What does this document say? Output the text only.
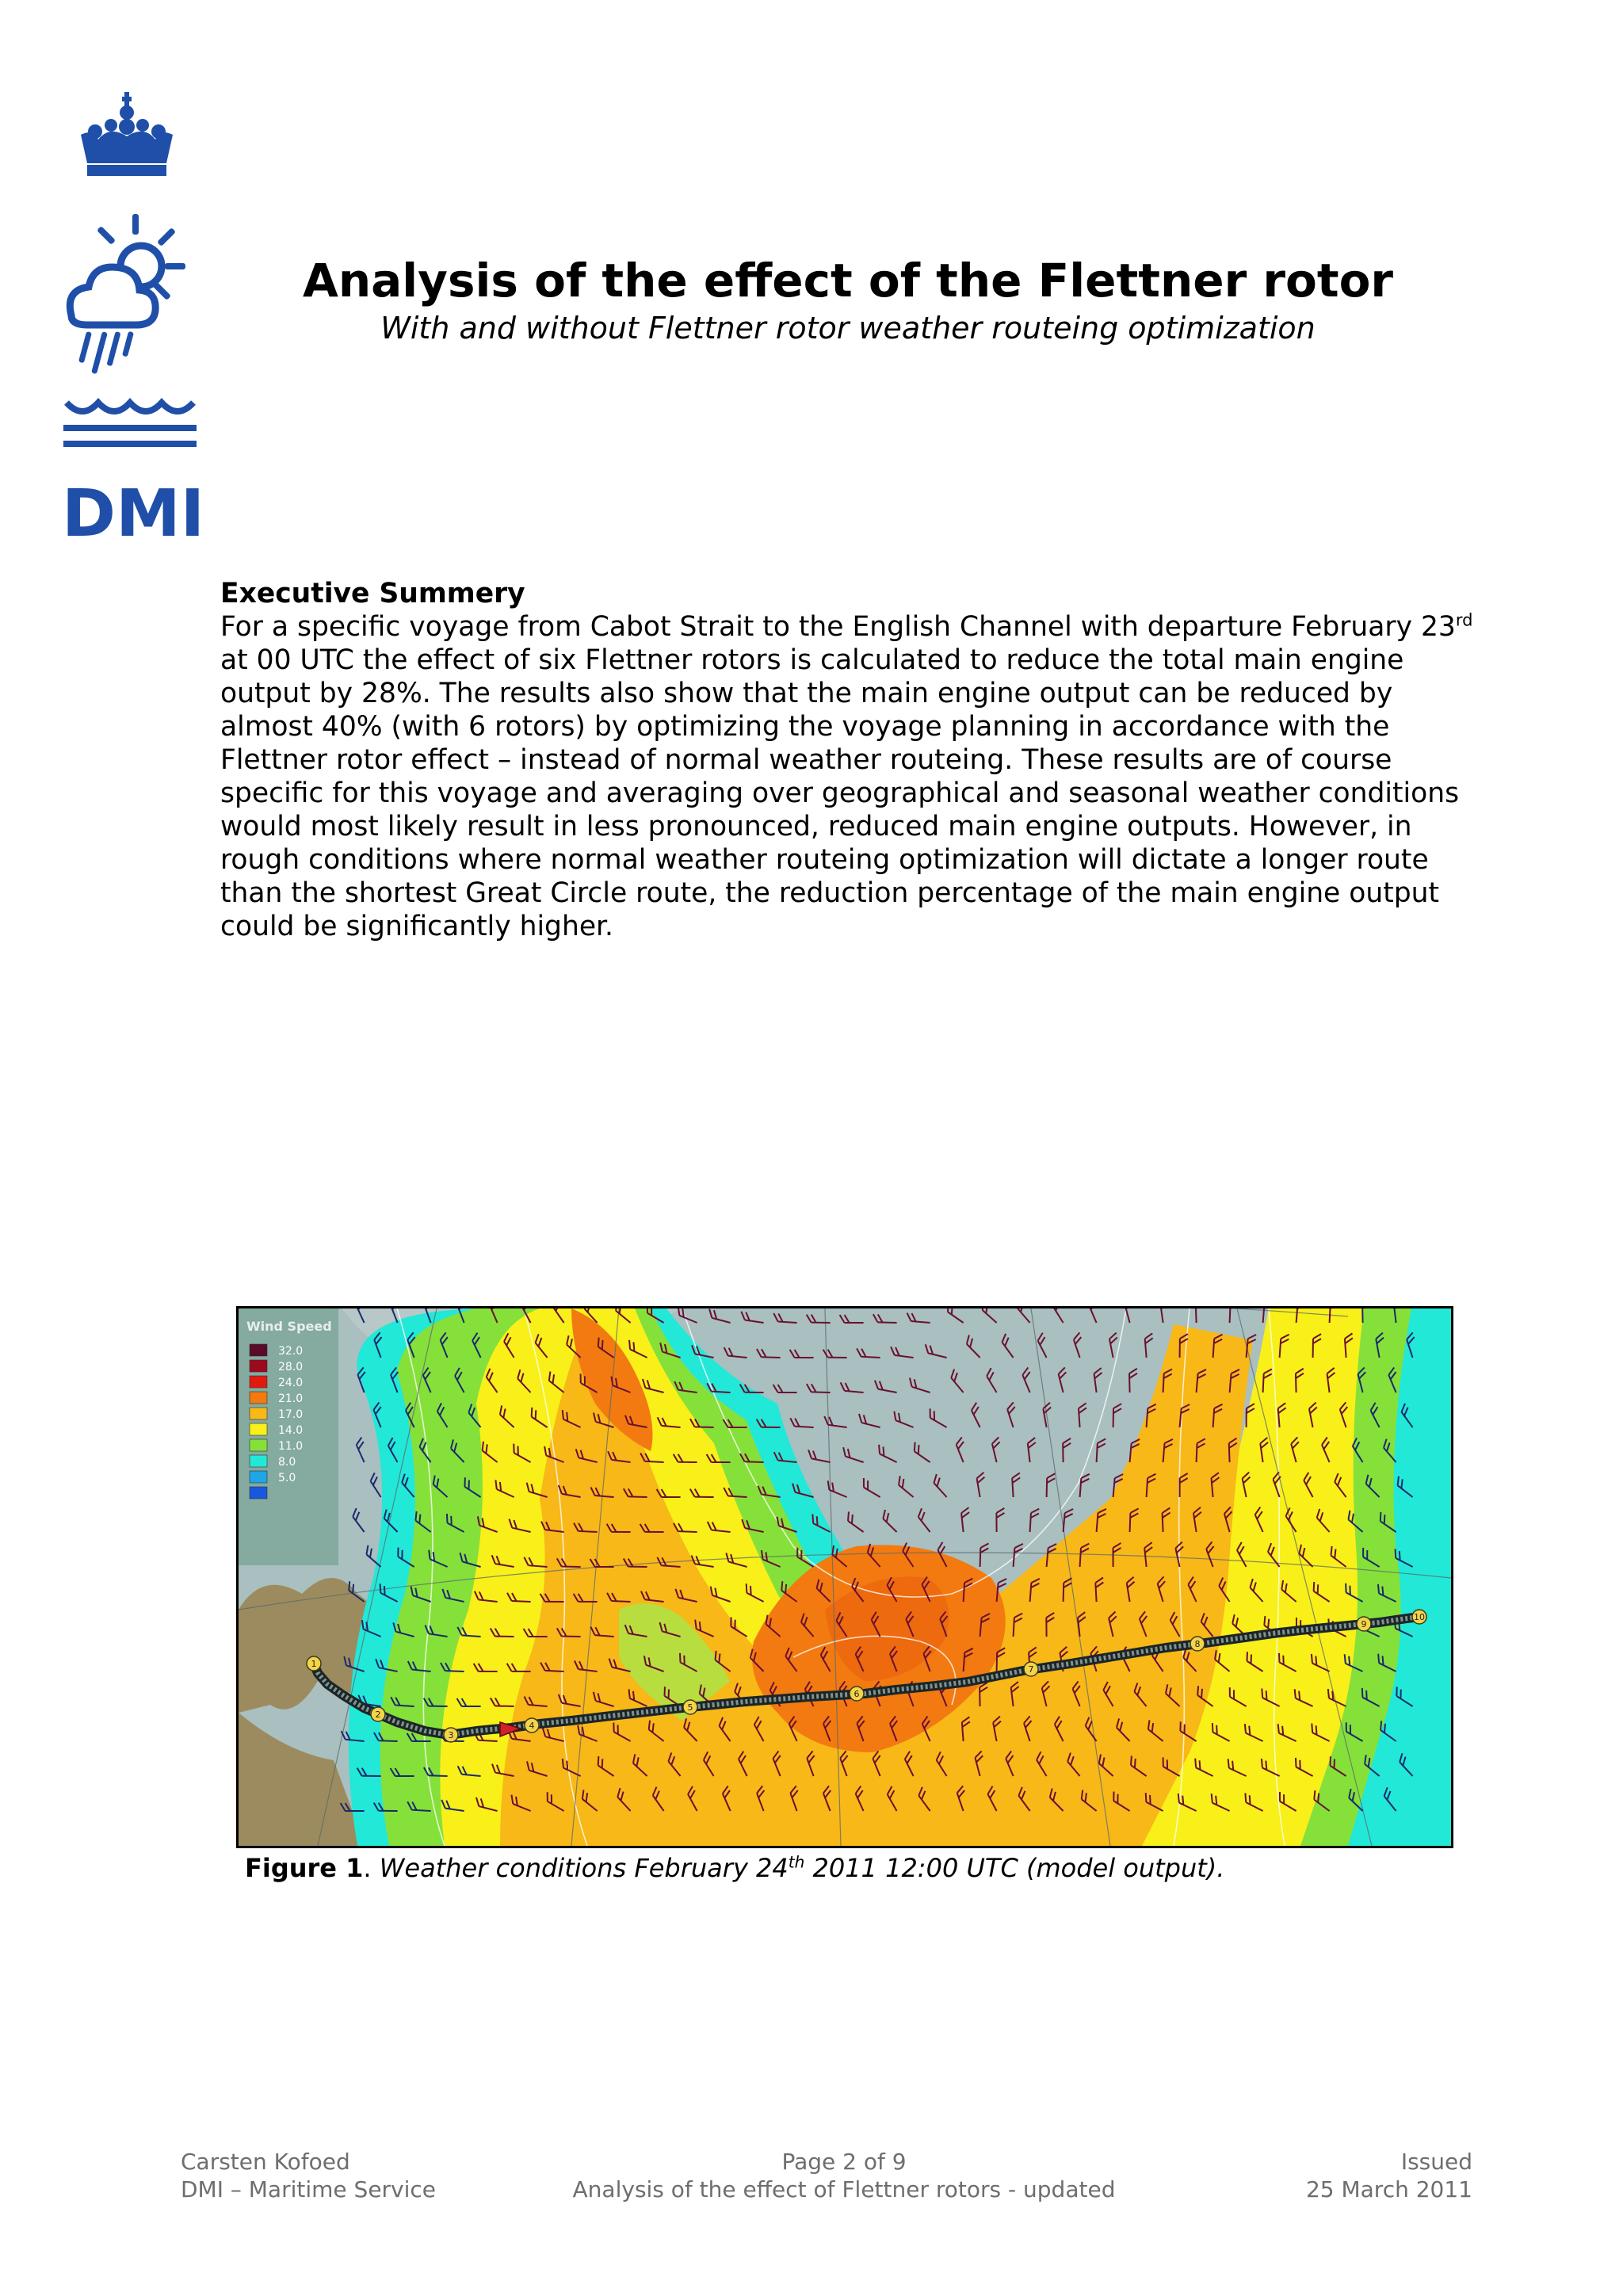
DMI
Analysis of the effect of the Flettner rotor
With and without Flettner rotor weather routeing optimization
Executive Summery
For a specific voyage from Cabot Strait to the English Channel with departure February 23rd at 00 UTC the effect of six Flettner rotors is calculated to reduce the total main engine output by 28%. The results also show that the main engine output can be reduced by almost 40% (with 6 rotors) by optimizing the voyage planning in accordance with the Flettner rotor effect – instead of normal weather routeing. These results are of course specific for this voyage and averaging over geographical and seasonal weather conditions would most likely result in less pronounced, reduced main engine outputs. However, in rough conditions where normal weather routeing optimization will dictate a longer route than the shortest Great Circle route, the reduction percentage of the main engine output could be significantly higher.
Wind Speed
32.0
28.0
24.0
21.0
17.0
14.0
11.0
8.0
5.0
1
2
3
4
5
6
7
8
9
10
Figure 1. Weather conditions February 24th 2011 12:00 UTC (model output).
Carsten Kofoed
DMI – Maritime Service
Page 2 of 9
Analysis of the effect of Flettner rotors - updated
Issued
25 March 2011
